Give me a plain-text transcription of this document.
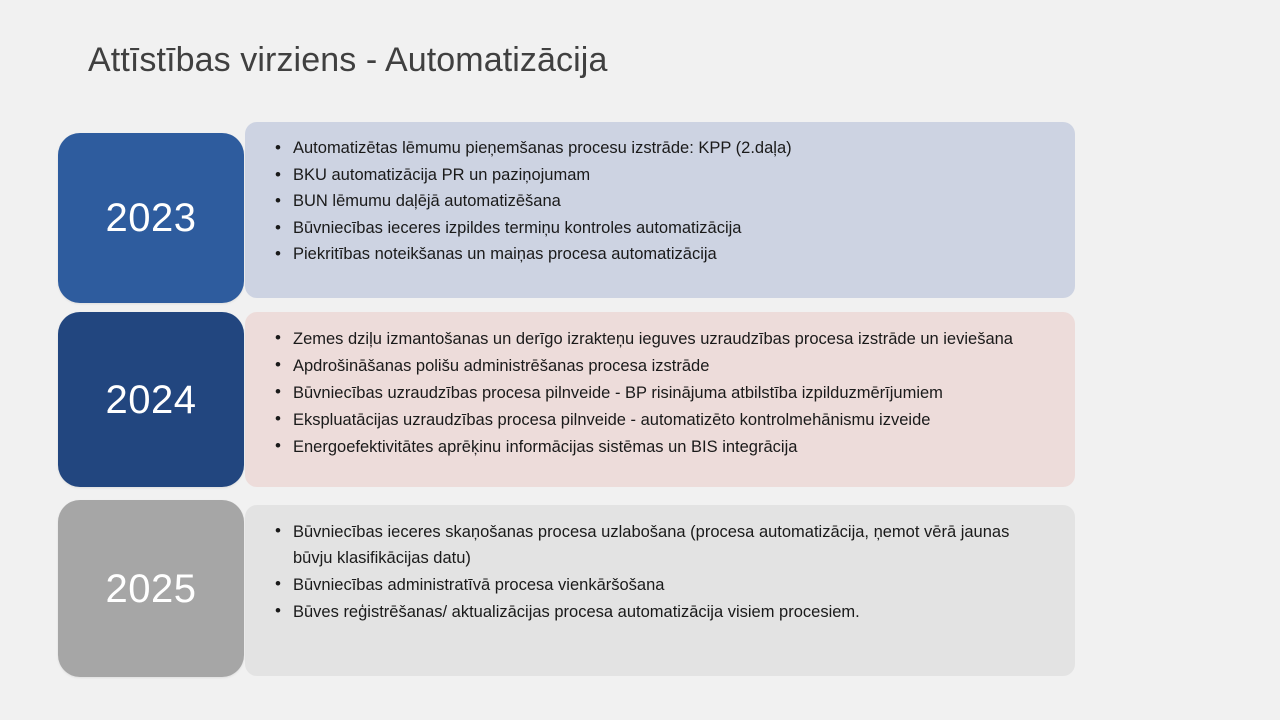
Attīstības virziens - Automatizācija
• Automatizētas lēmumu pieņemšanas procesu izstrāde: KPP (2.daļa)
• BKU automatizācija PR un paziņojumam
• BUN lēmumu daļējā automatizēšana
• Būvniecības ieceres izpildes termiņu kontroles automatizācija
• Piekritības noteikšanas un maiņas procesa automatizācija
2023
• Zemes dziļu izmantošanas un derīgo izrakteņu ieguves uzraudzības procesa izstrāde un ieviešana
• Apdrošināšanas polišu administrēšanas procesa izstrāde
• Būvniecības uzraudzības procesa pilnveide - BP risinājuma atbilstība izpilduzmērījumiem
• Ekspluatācijas uzraudzības procesa pilnveide - automatizēto kontrolmehānismu izveide
• Energoefektivitātes aprēķinu informācijas sistēmas un BIS integrācija
2024
• Būvniecības ieceres skaņošanas procesa uzlabošana (procesa automatizācija, ņemot vērā jaunas būvju klasifikācijas datu)
• Būvniecības administratīvā procesa vienkāršošana
• Būves reģistrēšanas/ aktualizācijas procesa automatizācija visiem procesiem.
2025
